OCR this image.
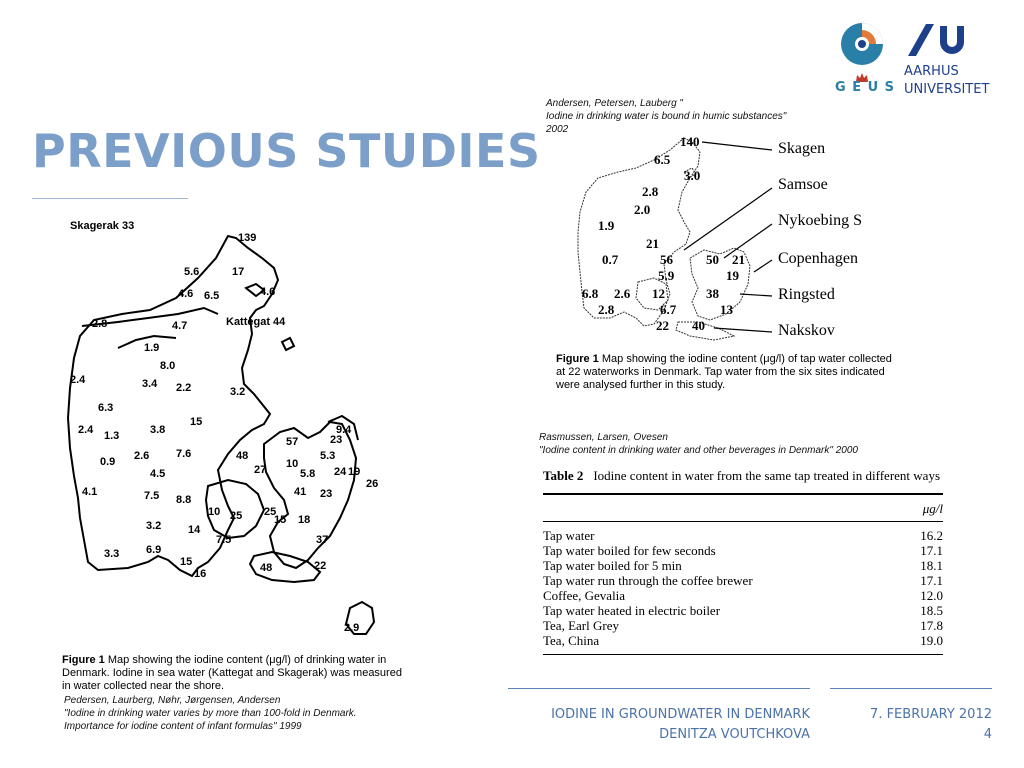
PREVIOUS STUDIES
G E U S
AARHUS
UNIVERSITET
Skagerak 33
Kattegat 44
139
17
5.6
4.6 6.5	4.6
2.8	4.7
1.9
8.0
2.4	3.4 2.2	3.2
6.3
2.4 1.3	3.8
15
0.9 2.6 7.6	48
57
9.4
23
5.3
4.5	27 10
24 19
26
4.1	7.5 8.8
41 23
10 25 25
15 18
5.8
3.2 14
7.5	37
3.3 6.9
15
16	48	22
2.9
Figure 1 Map showing the iodine content (μg/l) of drinking water in Denmark. Iodine in sea water (Kattegat and Skagerak) was measured in water collected near the shore.
Pedersen, Laurberg, Nøhr, Jørgensen, Andersen
"Iodine in drinking water varies by more than 100-fold in Denmark.
Importance for iodine content of infant formulas" 1999
Andersen, Petersen, Lauberg "
Iodine in drinking water is bound in humic substances"
2002
140
6.5
3.0
2.8
2.0
1.9
21
0.7	56	50 21
5.9	19
6.8 2.6 12	38
2.8	6.7	13
22 40
Skagen
Samsoe
Nykoebing S
Copenhagen
Ringsted
Nakskov
Figure 1 Map showing the iodine content (μg/l) of tap water collected at 22 waterworks in Denmark. Tap water from the six sites indicated were analysed further in this study.
Rasmussen, Larsen, Ovesen
"Iodine content in drinking water and other beverages in Denmark" 2000
Table 2 Iodine content in water from the same tap treated in different ways
μg/l
Tap water	16.2
Tap water boiled for few seconds	17.1
Tap water boiled for 5 min	18.1
Tap water run through the coffee brewer	17.1
Coffee, Gevalia	12.0
Tap water heated in electric boiler	18.5
Tea, Earl Grey	17.8
Tea, China	19.0
IODINE IN GROUNDWATER IN DENMARK
DENITZA VOUTCHKOVA
7. FEBRUARY 2012
4
